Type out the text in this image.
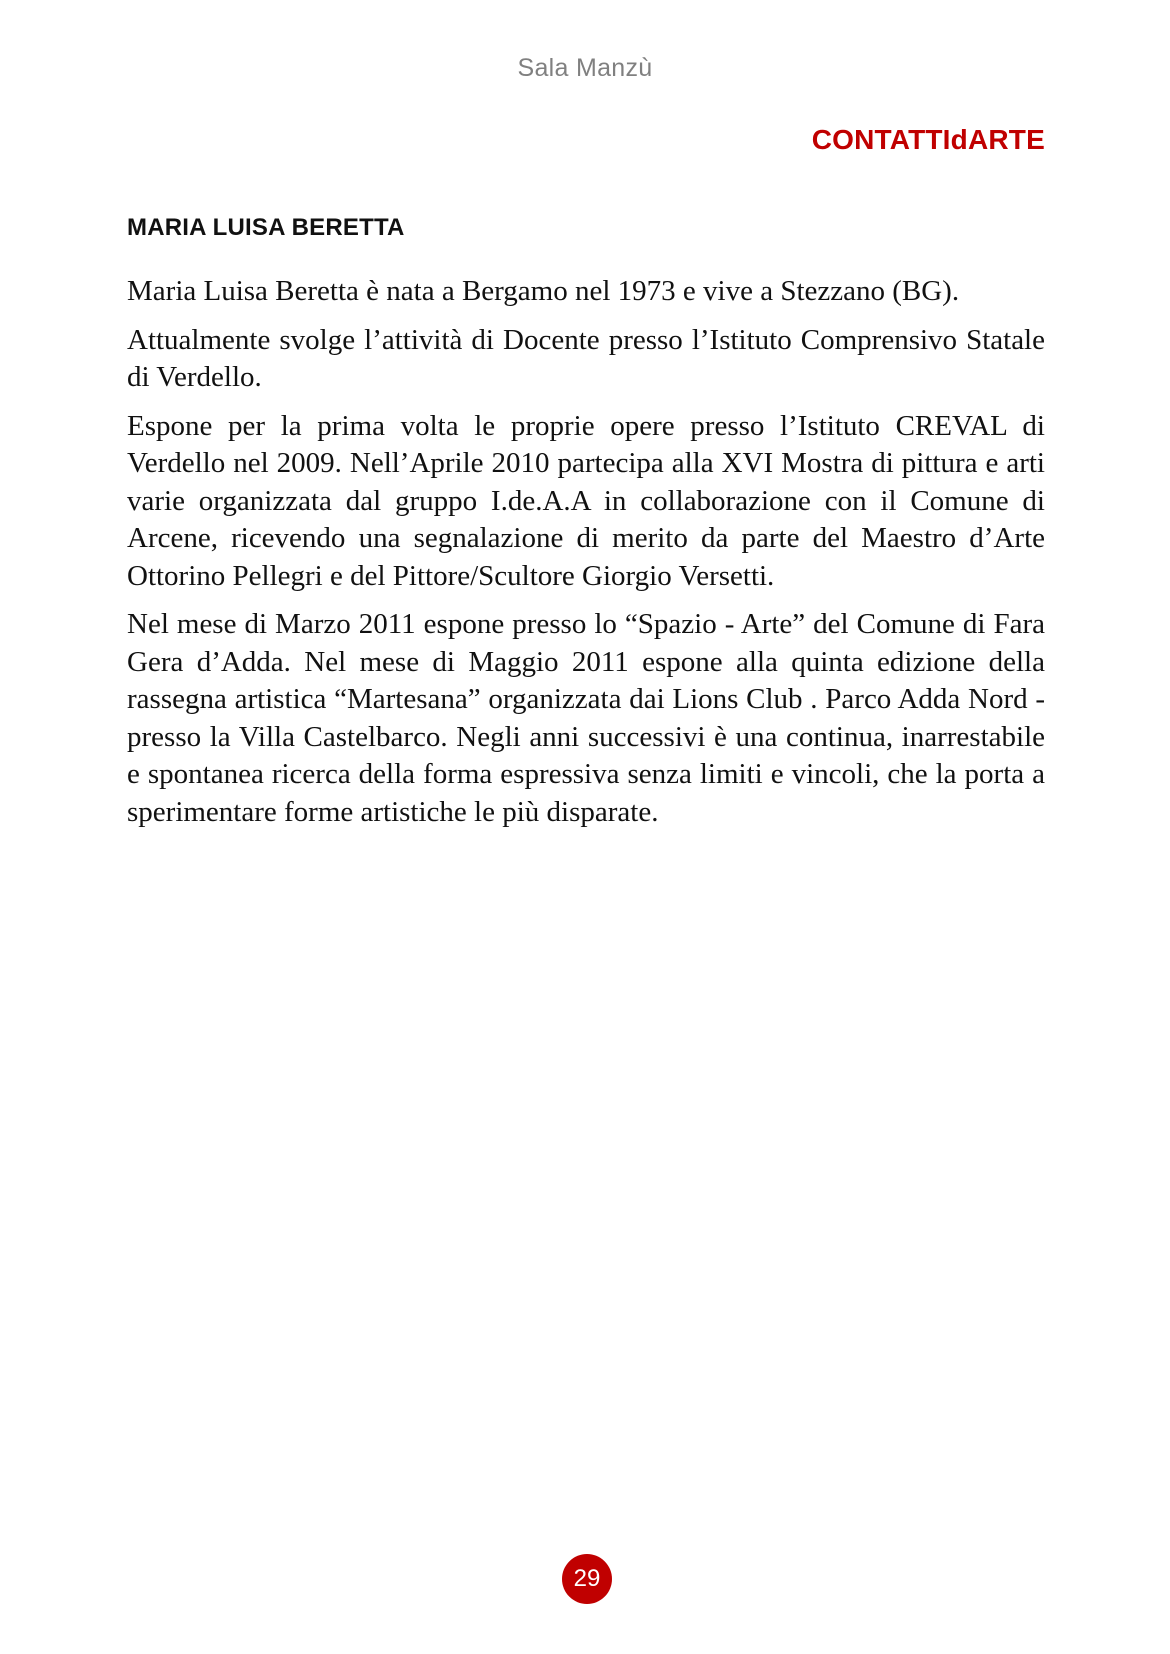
Sala Manzù
CONTATTIdARTE
MARIA LUISA BERETTA

Maria Luisa Beretta è nata a Bergamo nel 1973 e vive a Stezzano (BG).

Attualmente svolge l’attività di Docente presso l’Istituto Comprensivo Statale di Verdello.

Espone per la prima volta le proprie opere presso l’Istituto CREVAL di Verdello nel 2009. Nell’Aprile 2010 partecipa alla XVI Mostra di pittura e arti varie organizzata dal gruppo I.de.A.A in collaborazione con il Comune di Arcene, ricevendo una segnalazione di merito da parte del Maestro d’Arte Ottorino Pellegri e del Pittore/Scultore Giorgio Versetti.

Nel mese di Marzo 2011 espone presso lo “Spazio - Arte” del Comune di Fara Gera d’Adda. Nel mese di Maggio 2011 espone alla quinta edizione della rassegna artistica “Martesana” organizzata dai Lions Club . Parco Adda Nord - presso la Villa Castelbarco. Negli anni successivi è una continua, inarrestabile e spontanea ricerca della forma espressiva senza limiti e vincoli, che la porta a sperimentare forme artistiche le più disparate.

29
